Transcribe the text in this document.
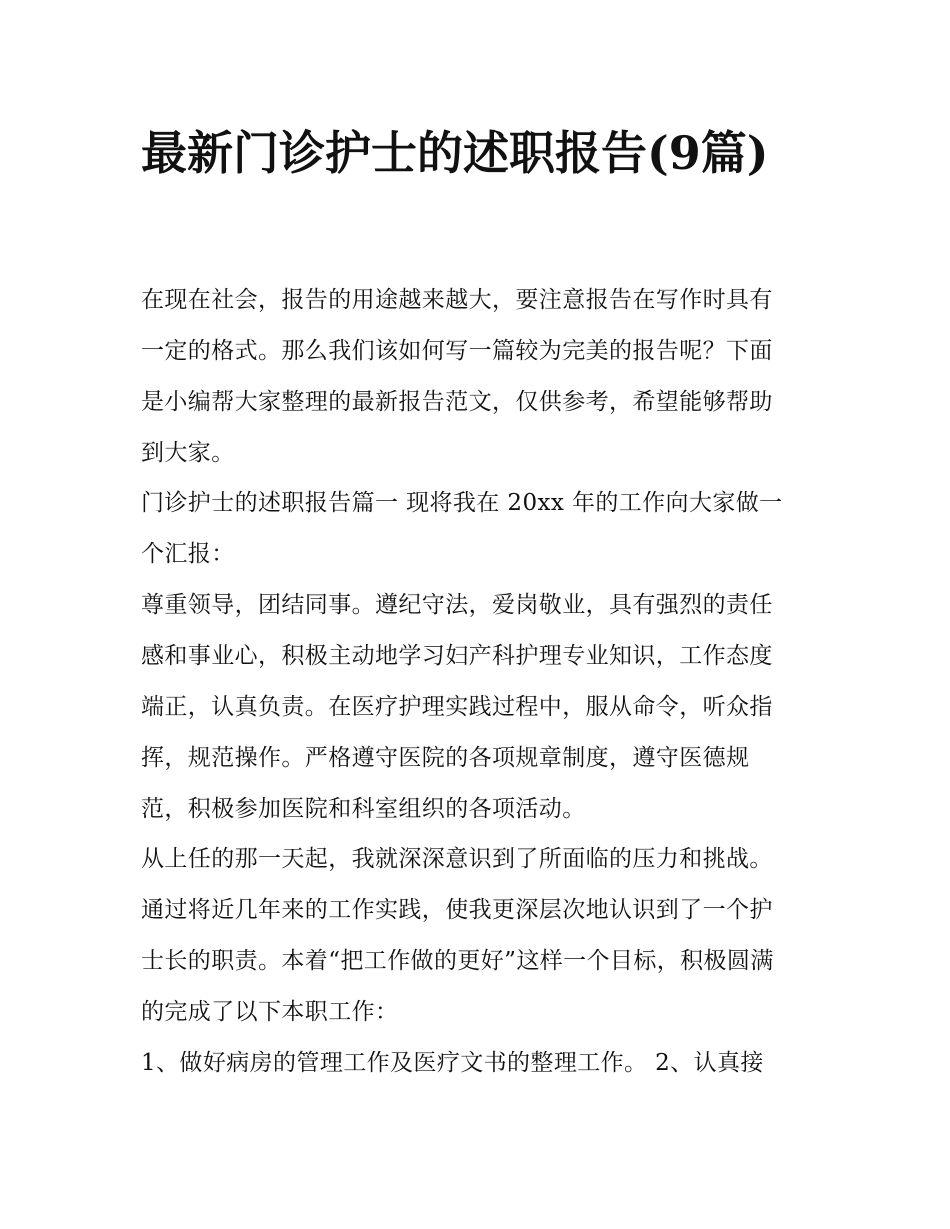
最新门诊护士的述职报告(9篇)

在现在社会，报告的用途越来越大，要注意报告在写作时具有

一定的格式。那么我们该如何写一篇较为完美的报告呢？下面

是小编帮大家整理的最新报告范文，仅供参考，希望能够帮助

到大家。

门诊护士的述职报告篇一 现将我在 20xx 年的工作向大家做一

个汇报：

尊重领导，团结同事。遵纪守法，爱岗敬业，具有强烈的责任

感和事业心，积极主动地学习妇产科护理专业知识，工作态度

端正，认真负责。在医疗护理实践过程中，服从命令，听众指

挥，规范操作。严格遵守医院的各项规章制度，遵守医德规

范，积极参加医院和科室组织的各项活动。

从上任的那一天起，我就深深意识到了所面临的压力和挑战。

通过将近几年来的工作实践，使我更深层次地认识到了一个护

士长的职责。本着“把工作做的更好”这样一个目标，积极圆满

的完成了以下本职工作：

1、做好病房的管理工作及医疗文书的整理工作。 2、认真接
